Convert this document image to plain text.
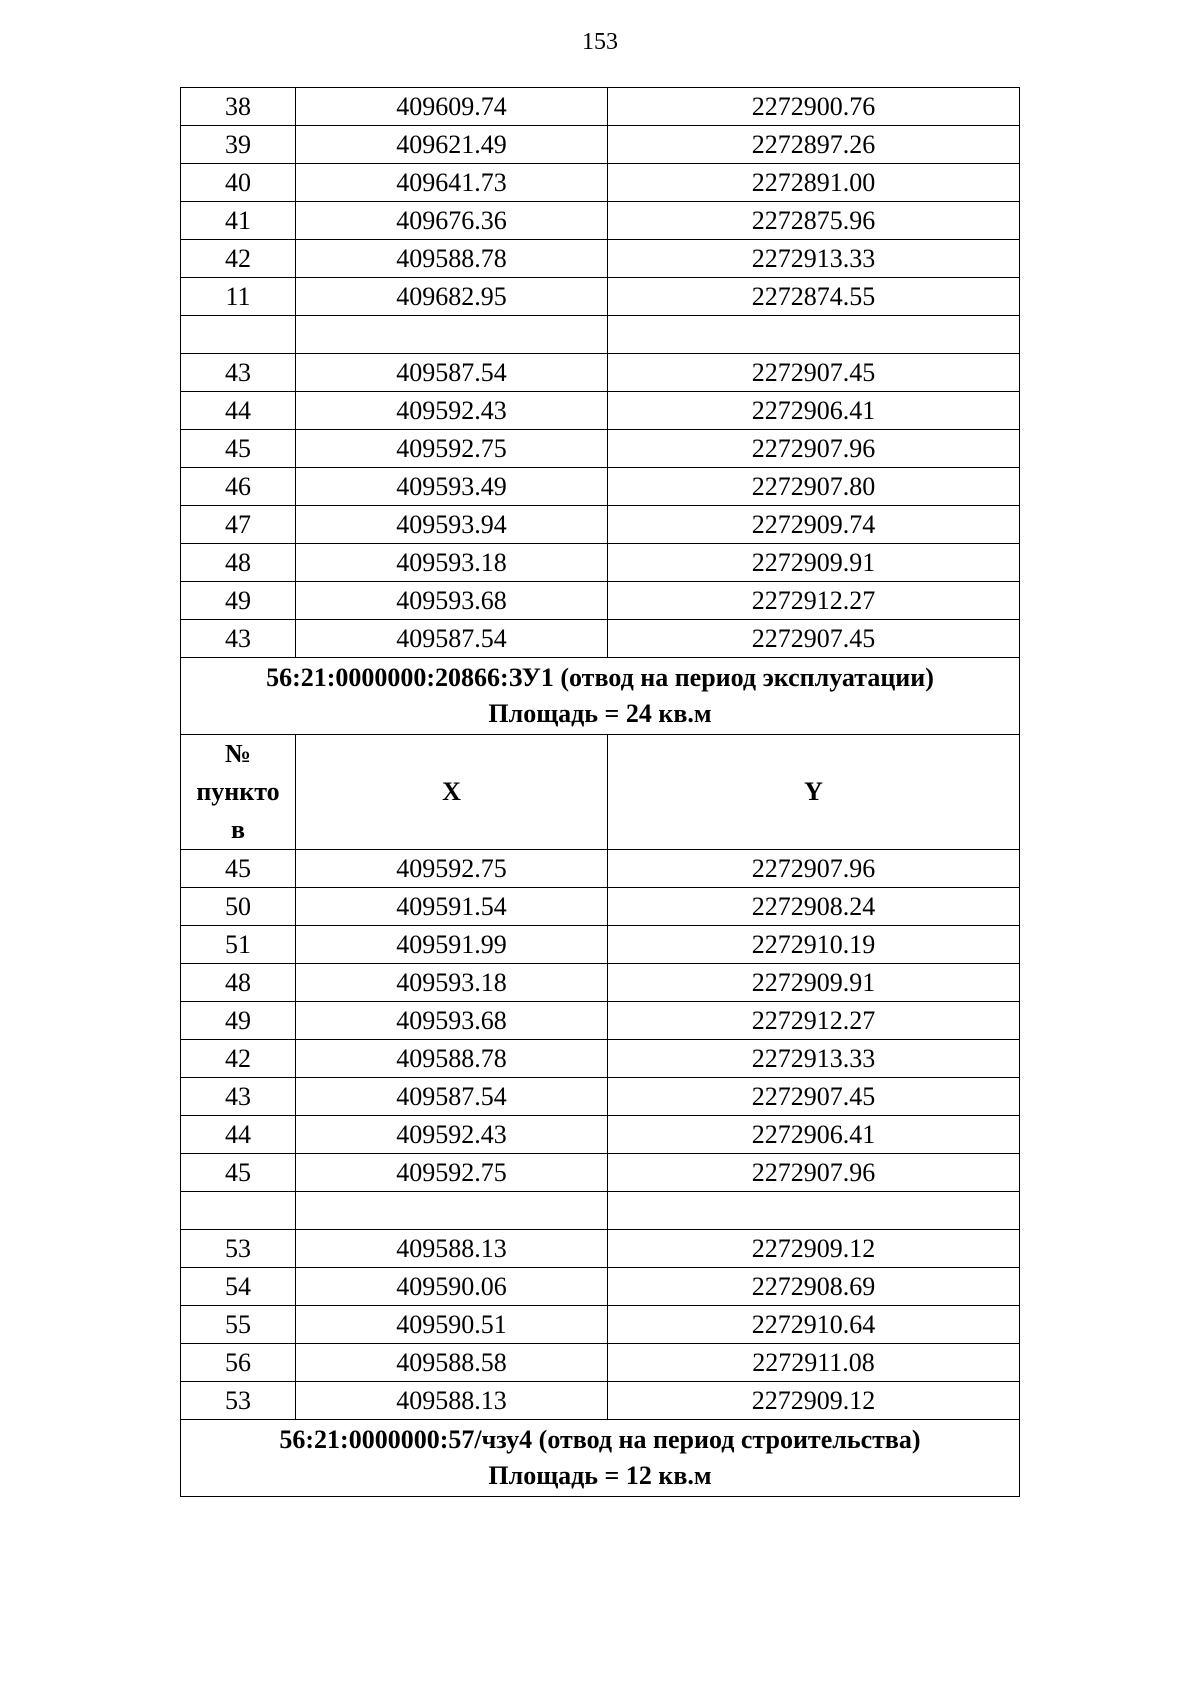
153
38	409609.74	2272900.76
39	409621.49	2272897.26
40	409641.73	2272891.00
41	409676.36	2272875.96
42	409588.78	2272913.33
11	409682.95	2272874.55

43	409587.54	2272907.45
44	409592.43	2272906.41
45	409592.75	2272907.96
46	409593.49	2272907.80
47	409593.94	2272909.74
48	409593.18	2272909.91
49	409593.68	2272912.27
43	409587.54	2272907.45

56:21:0000000:20866:ЗУ1 (отвод на период эксплуатации)
Площадь = 24 кв.м		

№
пункто
в	X	Y
45	409592.75	2272907.96
50	409591.54	2272908.24
51	409591.99	2272910.19
48	409593.18	2272909.91
49	409593.68	2272912.27
42	409588.78	2272913.33
43	409587.54	2272907.45
44	409592.43	2272906.41
45	409592.75	2272907.96

53	409588.13	2272909.12
54	409590.06	2272908.69
55	409590.51	2272910.64
56	409588.58	2272911.08
53	409588.13	2272909.12

56:21:0000000:57/чзу4 (отвод на период строительства)
Площадь = 12 кв.м		
